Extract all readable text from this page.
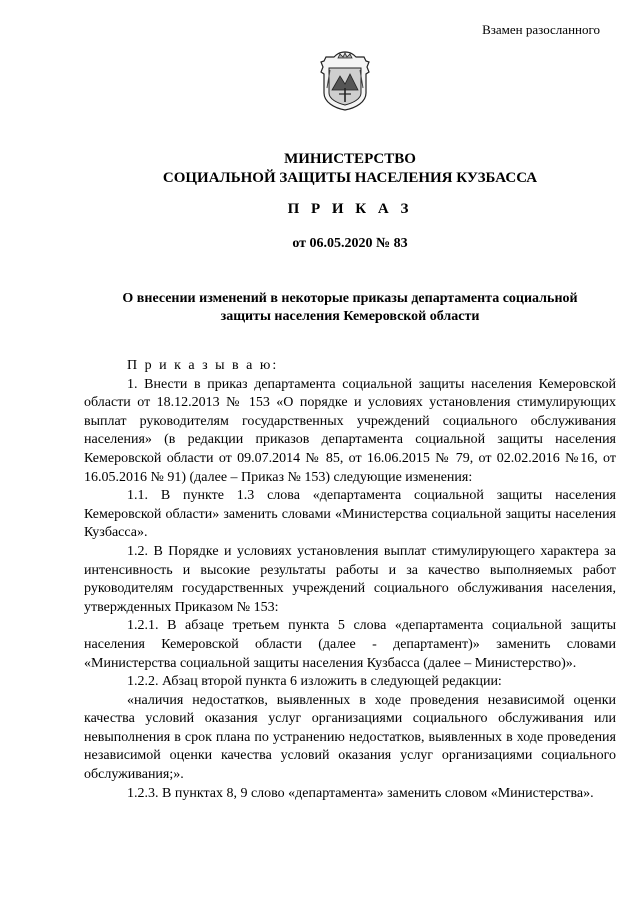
Взамен разосланного
МИНИСТЕРСТВО
СОЦИАЛЬНОЙ ЗАЩИТЫ НАСЕЛЕНИЯ КУЗБАССА
П Р И К А З
от 06.05.2020 № 83
О внесении изменений в некоторые приказы департамента социальной
защиты населения Кемеровской области

П р и к а з ы в а ю:

1. Внести в приказ департамента социальной защиты населения Кемеровской области от 18.12.2013 № 153 «О порядке и условиях установления стимулирующих выплат руководителям государственных учреждений социального обслуживания населения» (в редакции приказов департамента социальной защиты населения Кемеровской области от 09.07.2014 № 85, от 16.06.2015 № 79, от 02.02.2016 №16, от 16.05.2016 № 91) (далее – Приказ № 153) следующие изменения:

1.1. В пункте 1.3 слова «департамента социальной защиты населения Кемеровской области» заменить словами «Министерства социальной защиты населения Кузбасса».

1.2. В Порядке и условиях установления выплат стимулирующего характера за интенсивность и высокие результаты работы и за качество выполняемых работ руководителям государственных учреждений социального обслуживания населения, утвержденных Приказом № 153:

1.2.1. В абзаце третьем пункта 5 слова «департамента социальной защиты населения Кемеровской области (далее - департамент)» заменить словами «Министерства социальной защиты населения Кузбасса (далее – Министерство)».

1.2.2. Абзац второй пункта 6 изложить в следующей редакции:

«наличия недостатков, выявленных в ходе проведения независимой оценки качества условий оказания услуг организациями социального обслуживания или невыполнения в срок плана по устранению недостатков, выявленных в ходе проведения независимой оценки качества условий оказания услуг организациями социального обслуживания;».

1.2.3. В пунктах 8, 9 слово «департамента» заменить словом «Министерства».
